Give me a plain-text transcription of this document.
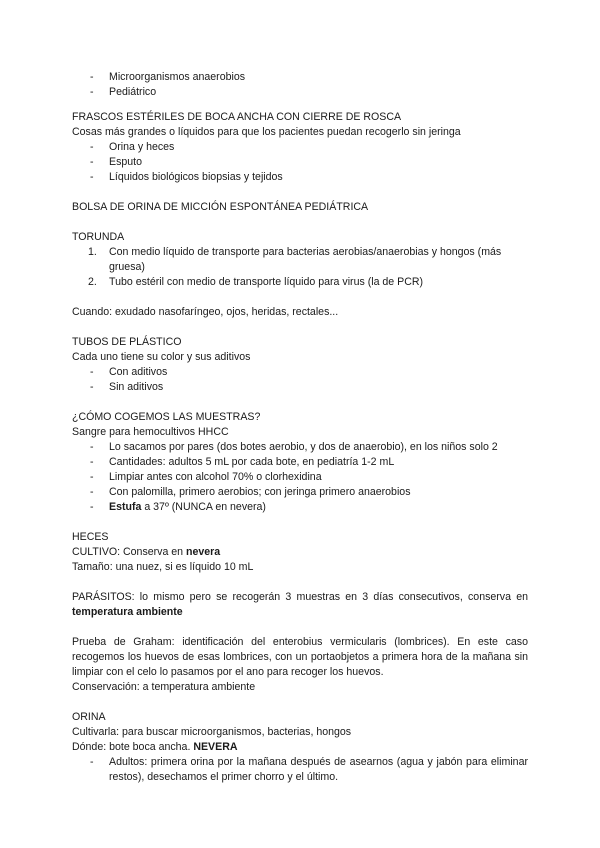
- Microorganismos anaerobios
- Pediátrico

FRASCOS ESTÉRILES DE BOCA ANCHA CON CIERRE DE ROSCA

Cosas más grandes o líquidos para que los pacientes puedan recogerlo sin jeringa

- Orina y heces
- Esputo
- Líquidos biológicos biopsias y tejidos

BOLSA DE ORINA DE MICCIÓN ESPONTÁNEA PEDIÁTRICA

TORUNDA

1. Con medio líquido de transporte para bacterias aerobias/anaerobias y hongos (más gruesa)
2. Tubo estéril con medio de transporte líquido para virus (la de PCR)

Cuando: exudado nasofaríngeo, ojos, heridas, rectales...

TUBOS DE PLÁSTICO

Cada uno tiene su color y sus aditivos

- Con aditivos
- Sin aditivos

¿CÓMO COGEMOS LAS MUESTRAS?

Sangre para hemocultivos HHCC

- Lo sacamos por pares (dos botes aerobio, y dos de anaerobio), en los niños solo 2
- Cantidades: adultos 5 mL por cada bote, en pediatría 1-2 mL
- Limpiar antes con alcohol 70% o clorhexidina
- Con palomilla, primero aerobios; con jeringa primero anaerobios
- Estufa a 37º (NUNCA en nevera)

HECES

CULTIVO: Conserva en nevera

Tamaño: una nuez, si es líquido 10 mL

PARÁSITOS: lo mismo pero se recogerán 3 muestras en 3 días consecutivos, conserva en temperatura ambiente

Prueba de Graham: identificación del enterobius vermicularis (lombrices). En este caso recogemos los huevos de esas lombrices, con un portaobjetos a primera hora de la mañana sin limpiar con el celo lo pasamos por el ano para recoger los huevos.

Conservación: a temperatura ambiente

ORINA

Cultivarla: para buscar microorganismos, bacterias, hongos

Dónde: bote boca ancha. NEVERA

- Adultos: primera orina por la mañana después de asearnos (agua y jabón para eliminar restos), desechamos el primer chorro y el último.
